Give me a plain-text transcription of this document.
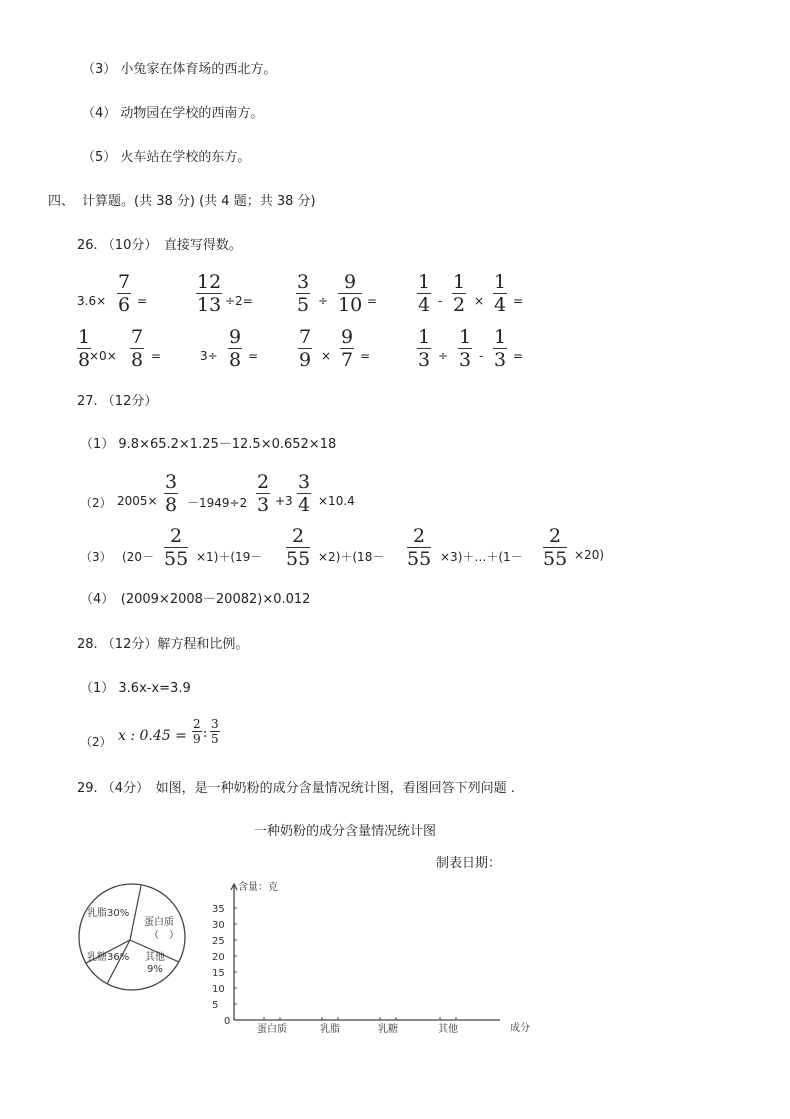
（3） 小兔家在体育场的西北方。
（4） 动物园在学校的西南方。
（5） 火车站在学校的东方。
四、 计算题。(共 38 分) (共 4 题；共 38 分)
26. （10分）　直接写得数。
3.6×
7
6 =
12
13 ÷2=
3
5 ÷
9
10 =
1
4 -
1
2 ×
1
4 =
1
8
×0×
7
8 =	3÷
9
8 =
7
9 ×
9
7 =
1
3 ÷
1
3 -
1
3 =
27. （12分）
（1） 9.8×65.2×1.25－12.5×0.652×18
（2） 2005×
3
8 －1949÷2
2
3 +3
3
4 ×10.4
（3） (20－
2
55 ×1)＋(19－
2
55 ×2)＋(18－
2
55 ×3)＋…＋(1－
2
55 ×20)
（4）　(2009×2008－20082)×0.012
28. （12分）解方程和比例。
（1） 3.6x-x=3.9
（2） x : 0.45 =
2
9 :
3
5
29. （4分）　如图，是一种奶粉的成分含量情况统计图，看图回答下列问题 .
一种奶粉的成分含量情况统计图
制表日期：
乳脂30%
蛋白质
（　）
其他
9%
乳糖36%
0
5
10
15
20
25
30
35
蛋白质	乳脂	乳糖	其他
含量：克
成分
